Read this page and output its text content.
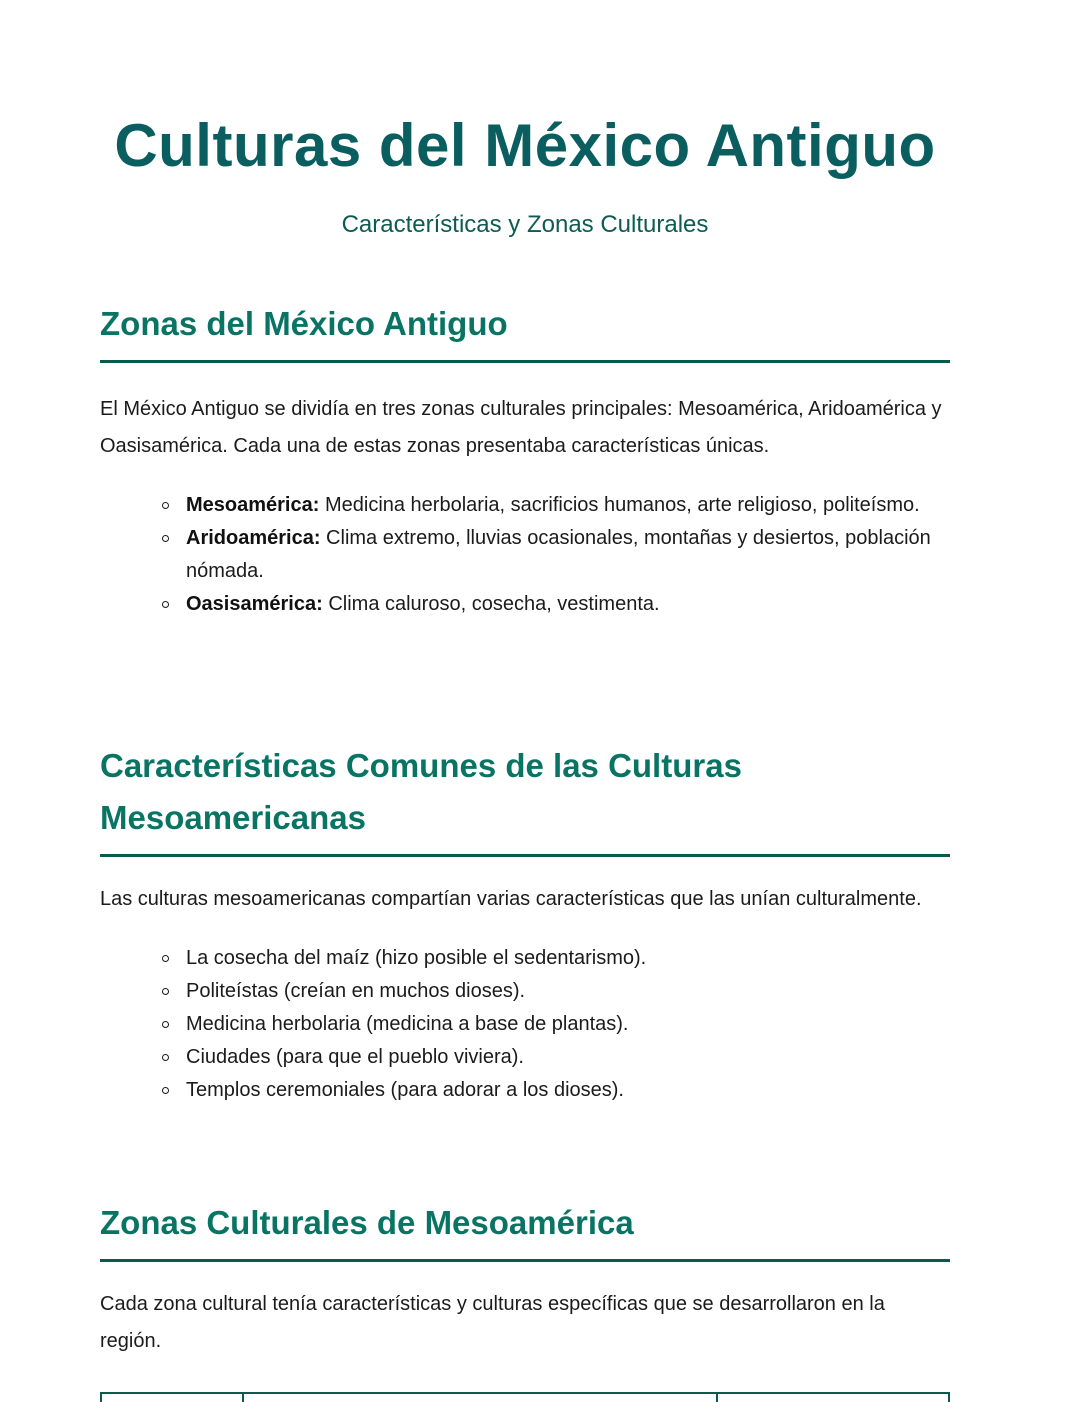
Culturas del México Antiguo
Características y Zonas Culturales
Zonas del México Antiguo

El México Antiguo se dividía en tres zonas culturales principales: Mesoamérica, Aridoamérica y Oasisamérica. Cada una de estas zonas presentaba características únicas.

Mesoamérica: Medicina herbolaria, sacrificios humanos, arte religioso, politeísmo.
Aridoamérica: Clima extremo, lluvias ocasionales, montañas y desiertos, población nómada.
Oasisamérica: Clima caluroso, cosecha, vestimenta.
Características Comunes de las Culturas Mesoamericanas

Las culturas mesoamericanas compartían varias características que las unían culturalmente.

La cosecha del maíz (hizo posible el sedentarismo).
Politeístas (creían en muchos dioses).
Medicina herbolaria (medicina a base de plantas).
Ciudades (para que el pueblo viviera).
Templos ceremoniales (para adorar a los dioses).
Zonas Culturales de Mesoamérica

Cada zona cultural tenía características y culturas específicas que se desarrollaron en la región.
